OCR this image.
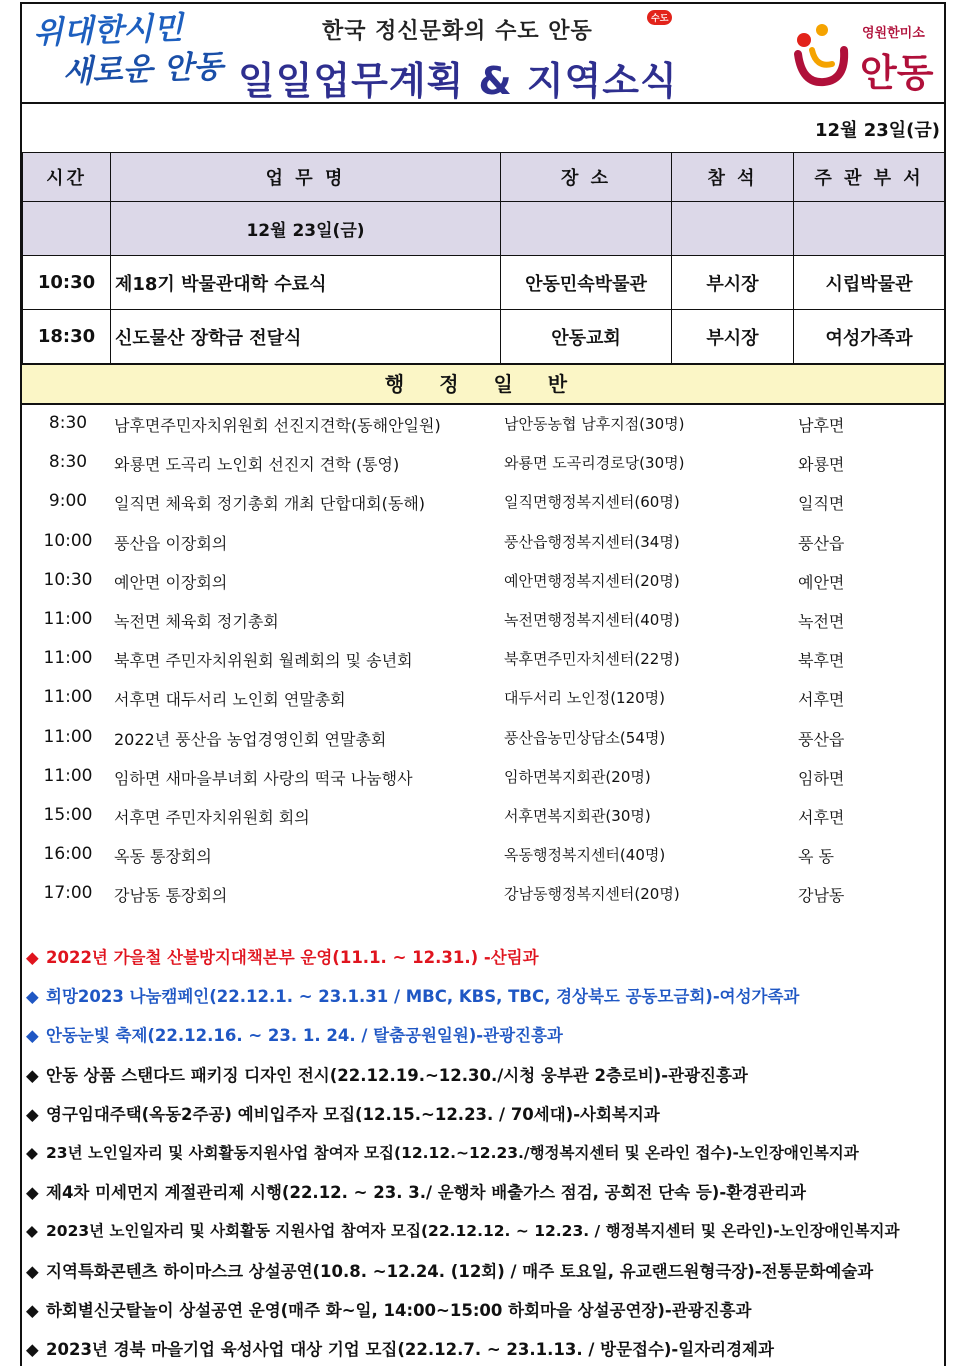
위대한시민
새로운 안동
한국 정신문화의 수도 안동	수도
일일업무계획 & 지역소식
영원한미소
안동
12월 23일(금)
시간	업 무 명	장 소	참 석	주 관 부 서
	12월 23일(금)			
10:30	제18기 박물관대학 수료식	안동민속박물관	부시장	시립박물관
18:30	신도물산 장학금 전달식	안동교회	부시장	여성가족과
행 정 일 반
8:30	남후면주민자치위원회 선진지견학(동해안일원)	남안동농협 남후지점(30명)	남후면
8:30	와룡면 도곡리 노인회 선진지 견학 (통영)	와룡면 도곡리경로당(30명)	와룡면
9:00	일직면 체육회 정기총회 개최 단합대회(동해)	일직면행정복지센터(60명)	일직면
10:00	풍산읍 이장회의	풍산읍행정복지센터(34명)	풍산읍
10:30	예안면 이장회의	예안면행정복지센터(20명)	예안면
11:00	녹전면 체육회 정기총회	녹전면행정복지센터(40명)	녹전면
11:00	북후면 주민자치위원회 월례회의 및 송년회	북후면주민자치센터(22명)	북후면
11:00	서후면 대두서리 노인회 연말총회	대두서리 노인정(120명)	서후면
11:00	2022년 풍산읍 농업경영인회 연말총회	풍산읍농민상담소(54명)	풍산읍
11:00	임하면 새마을부녀회 사랑의 떡국 나눔행사	임하면복지회관(20명)	임하면
15:00	서후면 주민자치위원회 회의	서후면복지회관(30명)	서후면
16:00	옥동 통장회의	옥동행정복지센터(40명)	옥 동
17:00	강남동 통장회의	강남동행정복지센터(20명)	강남동
◆ 2022년 가을철 산불방지대책본부 운영(11.1. ~ 12.31.) -산림과
◆ 희망2023 나눔캠페인(22.12.1. ~ 23.1.31 / MBC, KBS, TBC, 경상북도 공동모금회)-여성가족과
◆ 안동눈빛 축제(22.12.16. ~ 23. 1. 24. / 탈춤공원일원)-관광진흥과
◆ 안동 상품 스탠다드 패키징 디자인 전시(22.12.19.~12.30./시청 웅부관 2층로비)-관광진흥과
◆ 영구임대주택(옥동2주공) 예비입주자 모집(12.15.~12.23. / 70세대)-사회복지과
◆ 23년 노인일자리 및 사회활동지원사업 참여자 모집(12.12.~12.23./행정복지센터 및 온라인 접수)-노인장애인복지과
◆ 제4차 미세먼지 계절관리제 시행(22.12. ~ 23. 3./ 운행차 배출가스 점검, 공회전 단속 등)-환경관리과
◆ 2023년 노인일자리 및 사회활동 지원사업 참여자 모집(22.12.12. ~ 12.23. / 행정복지센터 및 온라인)-노인장애인복지과
◆ 지역특화콘텐츠 하이마스크 상설공연(10.8. ~12.24. (12회) / 매주 토요일, 유교랜드원형극장)-전통문화예술과
◆ 하회별신굿탈놀이 상설공연 운영(매주 화~일, 14:00~15:00 하회마을 상설공연장)-관광진흥과
◆ 2023년 경북 마을기업 육성사업 대상 기업 모집(22.12.7. ~ 23.1.13. / 방문접수)-일자리경제과
